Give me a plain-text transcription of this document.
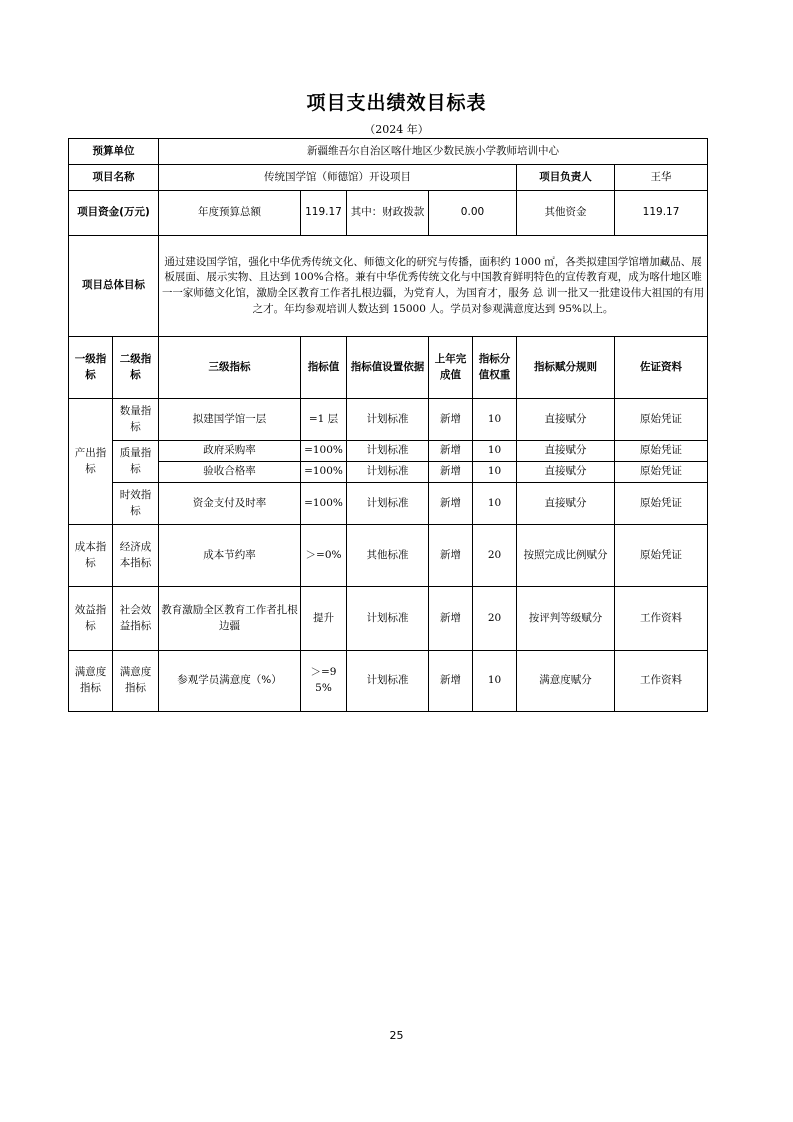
项目支出绩效目标表
（2024 年）
预算单位		新疆维吾尔自治区喀什地区少数民族小学教师培训中心						
项目名称		传统国学馆（师德馆）开设项目					项目负责人	王华
项目资金(万元)		年度预算总额	119.17	其中：财政拨款	0.00		其他资金	119.17
项目总体目标		通过建设国学馆，强化中华优秀传统文化、师德文化的研究与传播，面积约 1000 ㎡，各类拟建国学馆增加藏品、展板展面、展示实物、且达到 100%合格。兼有中华优秀传统文化与中国教育鲜明特色的宣传教育观，成为喀什地区唯一一家师德文化馆，激励全区教育工作者扎根边疆，为党育人，为国育才，服务 总 训一批又一批建设伟大祖国的有用之才。年均参观培训人数达到 15000 人。学员对参观满意度达到 95%以上。						
一级指标	二级指标	三级指标	指标值	指标值设置依据	上年完成值	指标分值权重	指标赋分规则	佐证资料
产出指标	数量指标	拟建国学馆一层	=1 层	计划标准	新增	10	直接赋分	原始凭证
	质量指标	政府采购率	=100%	计划标准	新增	10	直接赋分	原始凭证
		验收合格率	=100%	计划标准	新增	10	直接赋分	原始凭证
	时效指标	资金支付及时率	=100%	计划标准	新增	10	直接赋分	原始凭证
成本指标	经济成本指标	成本节约率	＞=0%	其他标准	新增	20	按照完成比例赋分	原始凭证
效益指标	社会效益指标	教育激励全区教育工作者扎根边疆	提升	计划标准	新增	20	按评判等级赋分	工作资料
满意度指标	满意度指标	参观学员满意度（%）	＞=95%	计划标准	新增	10	满意度赋分	工作资料
25
